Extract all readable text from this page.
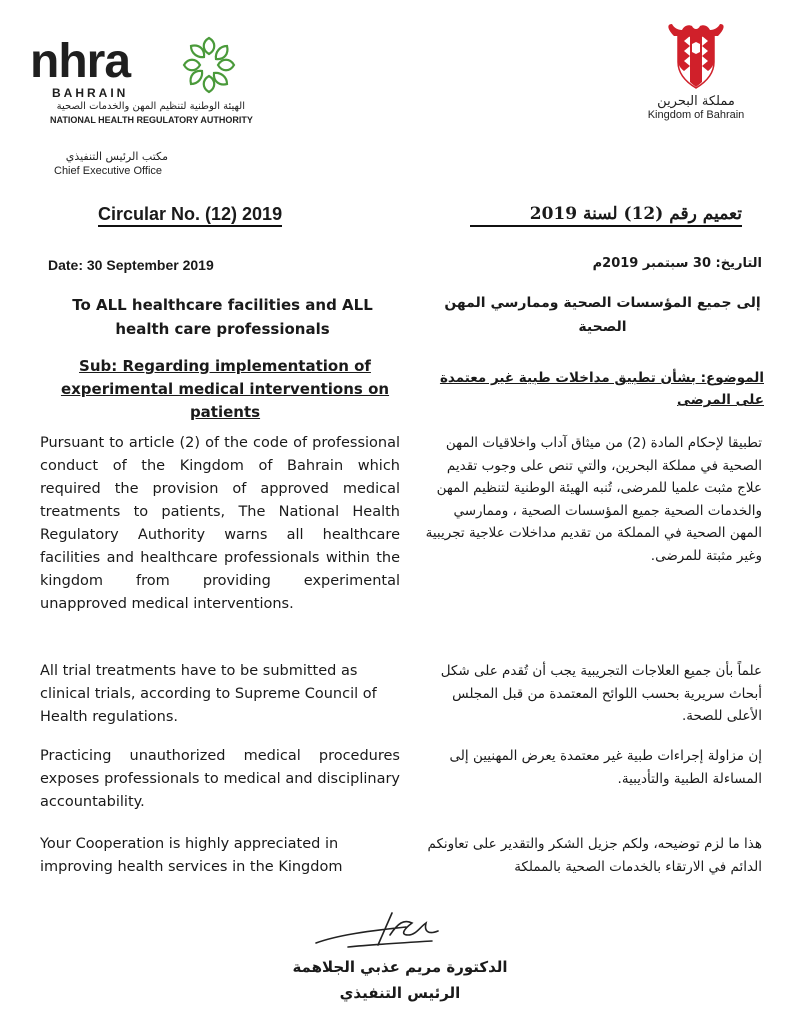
nhra
BAHRAIN
الهيئة الوطنية لتنظيم المهن والخدمات الصحية
NATIONAL HEALTH REGULATORY AUTHORITY
مكتب الرئيس التنفيذي
Chief Executive Office
مملكة البحرين
Kingdom of Bahrain
Circular No. (12) 2019	تعميم رقم (12) لسنة 2019
Date: 30 September 2019	التاريخ: 30 سبتمبر 2019م
To ALL healthcare facilities and ALL health care professionals
Sub: Regarding implementation of experimental medical interventions on patients
Pursuant to article (2) of the code of professional conduct of the Kingdom of Bahrain which required the provision of approved medical treatments to patients, The National Health Regulatory Authority warns all healthcare facilities and healthcare professionals within the kingdom from providing experimental unapproved medical interventions.
All trial treatments have to be submitted as clinical trials, according to Supreme Council of Health regulations.
Practicing unauthorized medical procedures exposes professionals to medical and disciplinary accountability.
Your Cooperation is highly appreciated in improving health services in the Kingdom
إلى جميع المؤسسات الصحية وممارسي المهن الصحية
الموضوع: بشأن تطبيق مداخلات طبية غير معتمدة على المرضى
تطبيقا لإحكام المادة (2) من ميثاق آداب واخلاقيات المهن الصحية في مملكة البحرين، والتي تنص على وجوب تقديم علاج مثبت علميا للمرضى، تُنبه الهيئة الوطنية لتنظيم المهن والخدمات الصحية جميع المؤسسات الصحية ، وممارسي المهن الصحية في المملكة من تقديم مداخلات علاجية تجريبية وغير مثبتة للمرضى.
علماً بأن جميع العلاجات التجريبية يجب أن تُقدم على شكل أبحاث سريرية بحسب اللوائح المعتمدة من قبل المجلس الأعلى للصحة.
إن مزاولة إجراءات طبية غير معتمدة يعرض المهنيين إلى المساءلة الطبية والتأديبية.
هذا ما لزم توضيحه، ولكم جزيل الشكر والتقدير على تعاونكم الدائم في الارتقاء بالخدمات الصحية بالمملكة
الدكتورة مريم عذبي الجلاهمة
الرئيس التنفيذي
